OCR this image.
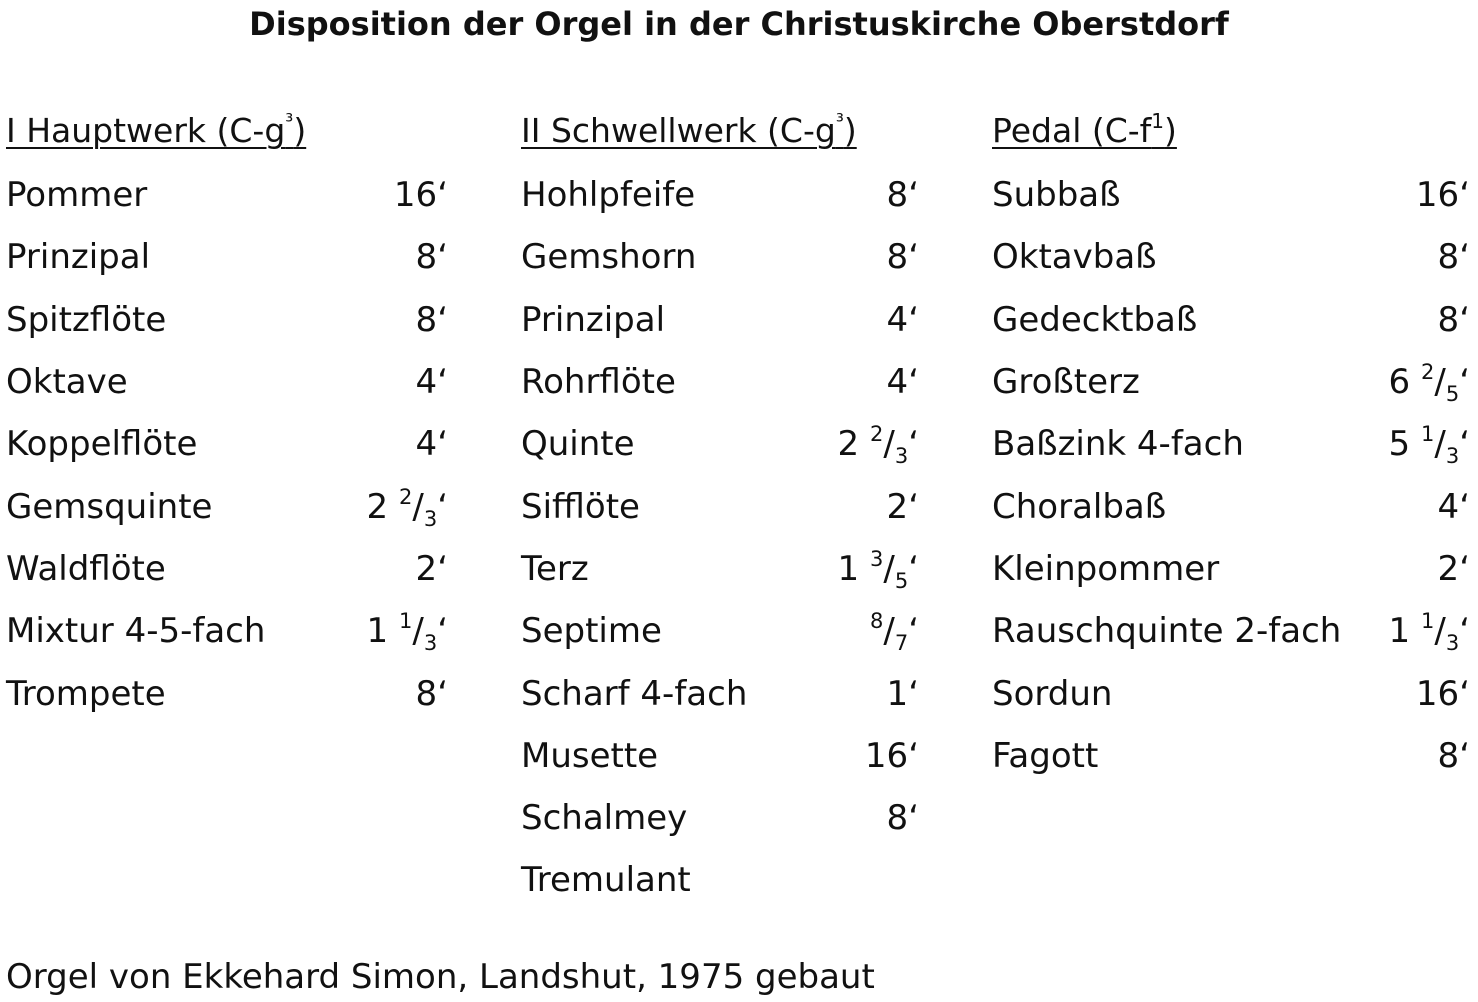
Disposition der Orgel in der Christuskirche Oberstdorf
I Hauptwerk $(C-g^{^3})$
Pommer	16‘
Prinzipal	8‘
Spitzflöte	8‘
Oktave	4‘
Koppelflöte	4‘
Gemsquinte	2 $^2/_3‘$
Waldflöte	2‘
Mixtur 4-5-fach	1 $^1/_3‘$
Trompete	8‘
II Schwellwerk $(C-g^{^3})$
Hohlpfeife	8‘
Gemshorn	8‘
Prinzipal	4‘
Rohrflöte	4‘
Quinte	2 $^2/_3‘$
Sifflöte	2‘
Terz	1 $^3/_5‘$
Septime	$^8/_7‘$
Scharf 4-fach	1‘
Musette	16‘
Schalmey	8‘
Tremulant
Pedal $(C-f^1)$
Subbaß	16‘
Oktavbaß	8‘
Gedecktbaß	8‘
Großterz	6 $^2/_5‘$
Baßzink 4-fach	5 $^1/_3‘$
Choralbaß	4‘
Kleinpommer	2‘
Rauschquinte 2-fach 1 $^1/_3‘$
Sordun	16‘
Fagott	8‘
Orgel von Ekkehard Simon, Landshut, 1975 gebaut
